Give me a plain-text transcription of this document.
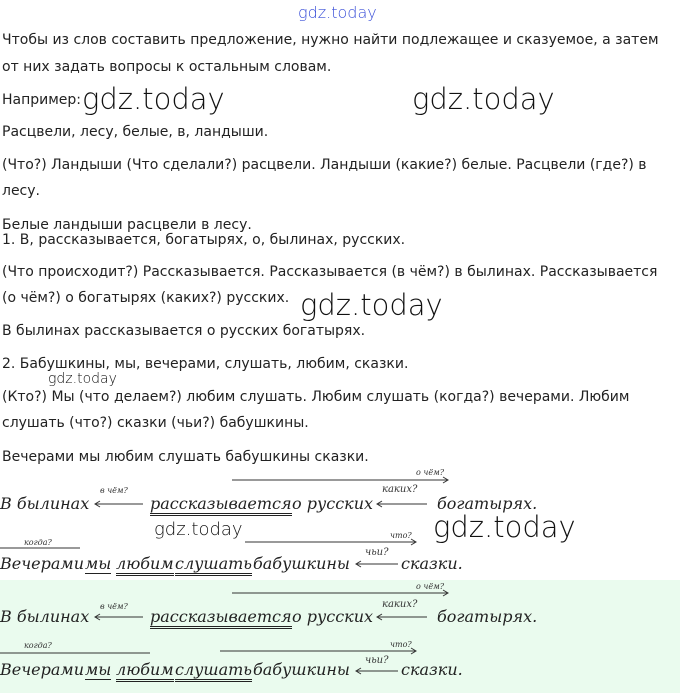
gdz.today
Чтобы из слов составить предложение, нужно найти подлежащее и сказуемое, а затем
от них задать вопросы к остальным словам.
Например: gdz.today	gdz.today
Расцвели, лесу, белые, в, ландыши.
(Что?) Ландыши (Что сделали?) расцвели. Ландыши (какие?) белые. Расцвели (где?) в
лесу.
Белые ландыши расцвели в лесу.
1. В, рассказывается, богатырях, о, былинах, русских.
(Что происходит?) Рассказывается. Рассказывается (в чём?) в былинах. Рассказывается
(о чём?) о богатырях (каких?) русских. gdz.today
В былинах рассказывается о русских богатырях.
2. Бабушкины, мы, вечерами, слушать, любим, сказки.
gdz.today
(Кто?) Мы (что делаем?) любим слушать. Любим слушать (когда?) вечерами. Любим
слушать (что?) сказки (чьи?) бабушкины.
Вечерами мы любим слушать бабушкины сказки.
в чём?
о чём?
каких?
В былинах	рассказывается о русских	богатырях.
gdz.today	gdz.today
когда?
что?
чьи?
Вечерами мы любим слушать бабушкины	сказки.
в чём?
о чём?
каких?
В былинах	рассказывается о русских	богатырях.
когда?	что?
чьи?
Вечерами мы любим слушать бабушкины	сказки.
